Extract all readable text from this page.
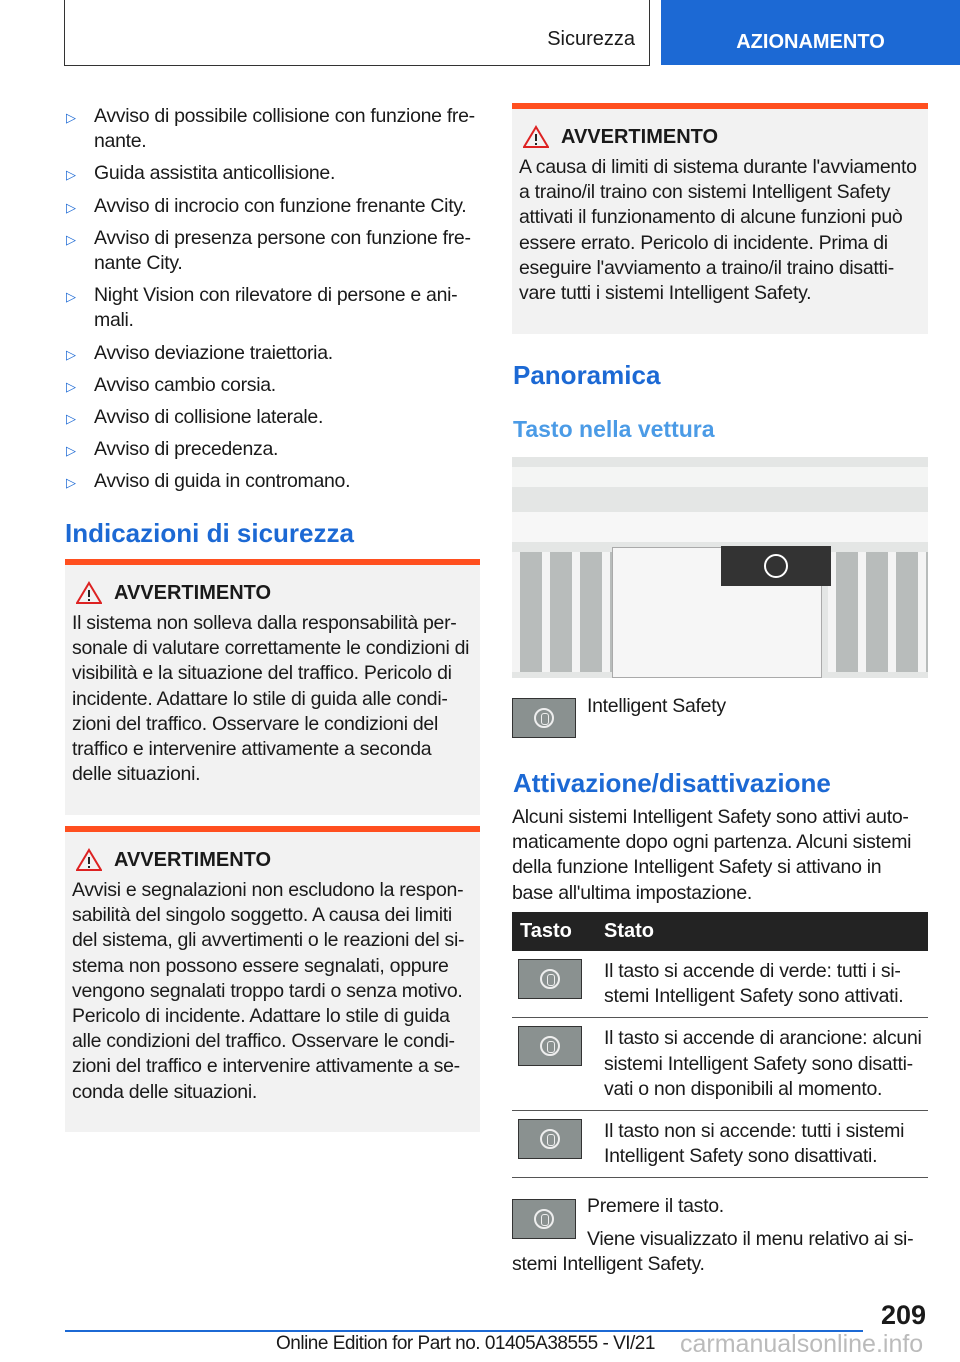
Sicurezza	AZIONAMENTO
▷ Avviso di possibile collisione con funzione fre-
nante.
▷ Guida assistita anticollisione.
▷ Avviso di incrocio con funzione frenante City.
▷ Avviso di presenza persone con funzione fre-
nante City.
▷ Night Vision con rilevatore di persone e ani-
mali.
▷ Avviso deviazione traiettoria.
▷ Avviso cambio corsia.
▷ Avviso di collisione laterale.
▷ Avviso di precedenza.
▷ Avviso di guida in contromano.
Indicazioni di sicurezza
AVVERTIMENTO
Il sistema non solleva dalla responsabilità per-
sonale di valutare correttamente le condizioni di
visibilità e la situazione del traffico. Pericolo di
incidente. Adattare lo stile di guida alle condi-
zioni del traffico. Osservare le condizioni del
traffico e intervenire attivamente a seconda
delle situazioni.
AVVERTIMENTO
Avvisi e segnalazioni non escludono la respon-
sabilità del singolo soggetto. A causa dei limiti
del sistema, gli avvertimenti o le reazioni del si-
stema non possono essere segnalati, oppure
vengono segnalati troppo tardi o senza motivo.
Pericolo di incidente. Adattare lo stile di guida
alle condizioni del traffico. Osservare le condi-
zioni del traffico e intervenire attivamente a se-
conda delle situazioni.
AVVERTIMENTO
A causa di limiti di sistema durante l'avviamento
a traino/il traino con sistemi Intelligent Safety
attivati il funzionamento di alcune funzioni può
essere errato. Pericolo di incidente. Prima di
eseguire l'avviamento a traino/il traino disatti-
vare tutti i sistemi Intelligent Safety.
Panoramica
Tasto nella vettura
Intelligent Safety
Attivazione/disattivazione
Alcuni sistemi Intelligent Safety sono attivi auto-
maticamente dopo ogni partenza. Alcuni sistemi
della funzione Intelligent Safety si attivano in
base all'ultima impostazione.
Tasto	Stato

	Il tasto si accende di verde: tutti i si-
stemi Intelligent Safety sono attivati.

	Il tasto si accende di arancione: alcuni
sistemi Intelligent Safety sono disatti-
vati o non disponibili al momento.

	Il tasto non si accende: tutti i sistemi
Intelligent Safety sono disattivati.
Premere il tasto.
Viene visualizzato il menu relativo ai si-
stemi Intelligent Safety.
209
Online Edition for Part no. 01405A38555 - VI/21 carmanualsonline.info
